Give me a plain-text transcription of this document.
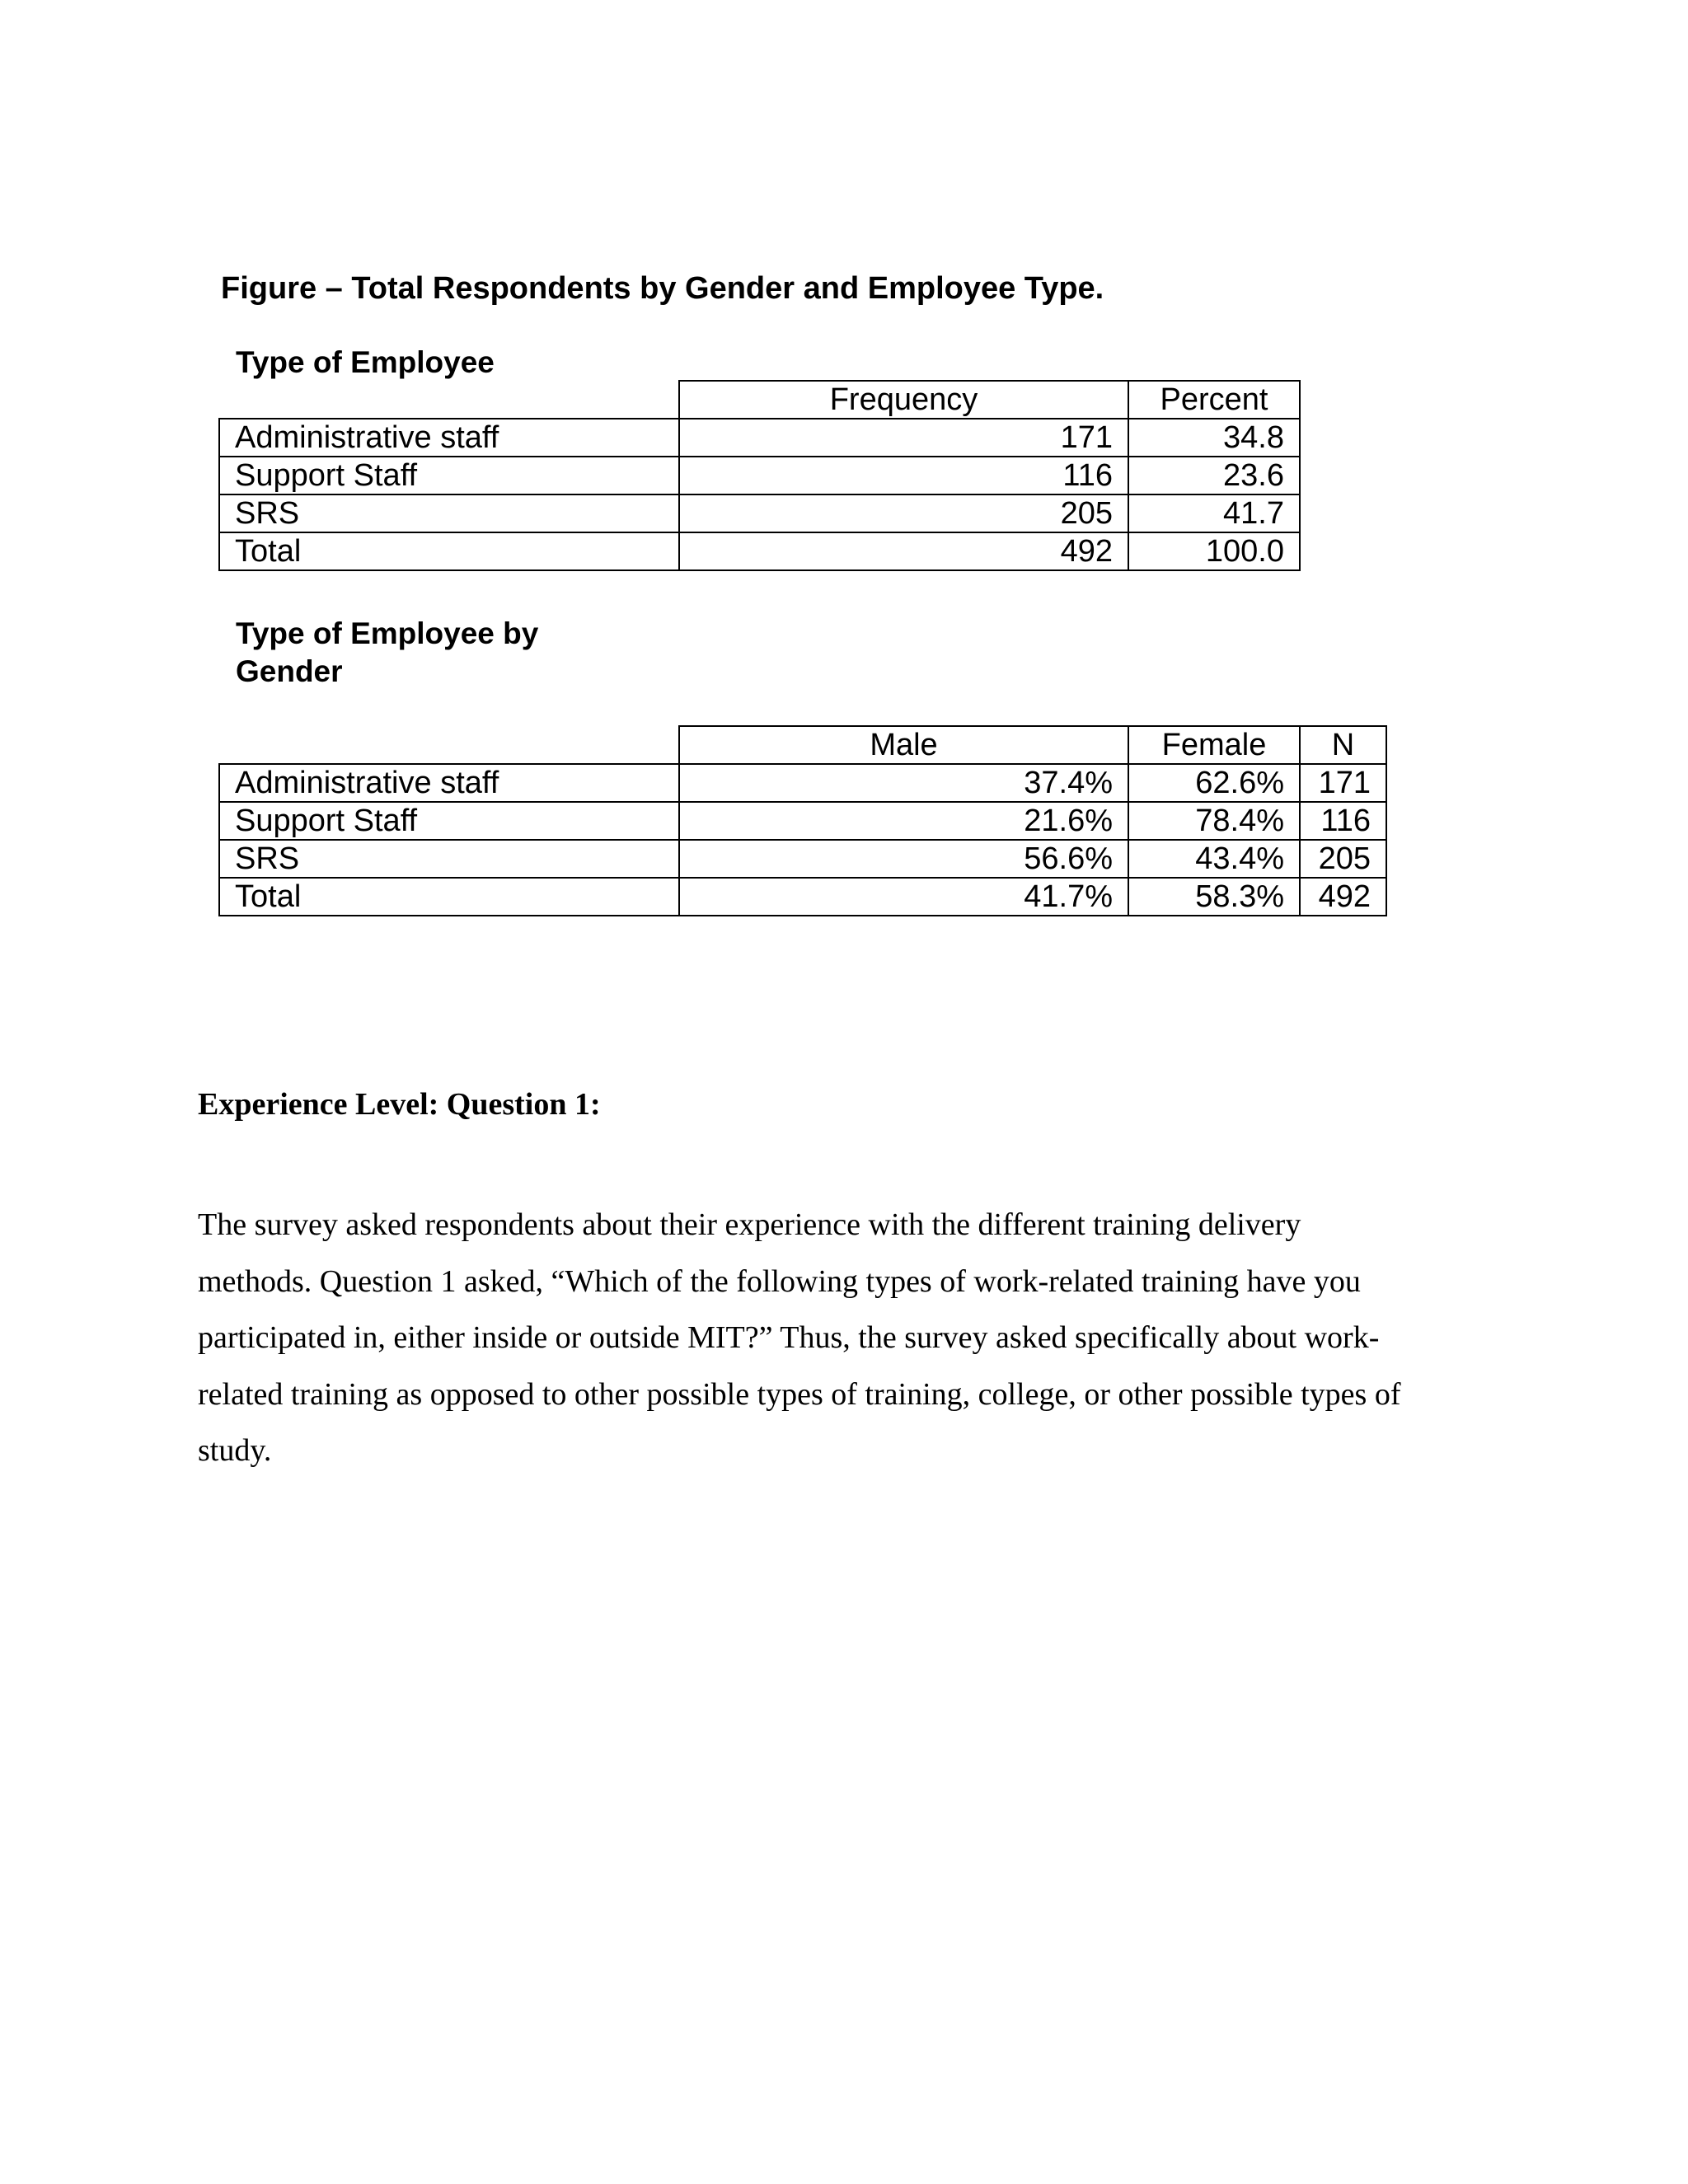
Figure – Total Respondents by Gender and Employee Type.
Type of Employee
	Frequency	Percent
Administrative staff	171	34.8
Support Staff	116	23.6
SRS	205	41.7
Total	492	100.0
Type of Employee by
Gender
	Male	Female	N
Administrative staff	37.4%	62.6%	171
Support Staff	21.6%	78.4%	116
SRS	56.6%	43.4%	205
Total	41.7%	58.3%	492
Experience Level: Question 1:
The survey asked respondents about their experience with the different training delivery
methods. Question 1 asked, “Which of the following types of work-related training have you
participated in, either inside or outside MIT?” Thus, the survey asked specifically about work-
related training as opposed to other possible types of training, college, or other possible types of
study.
